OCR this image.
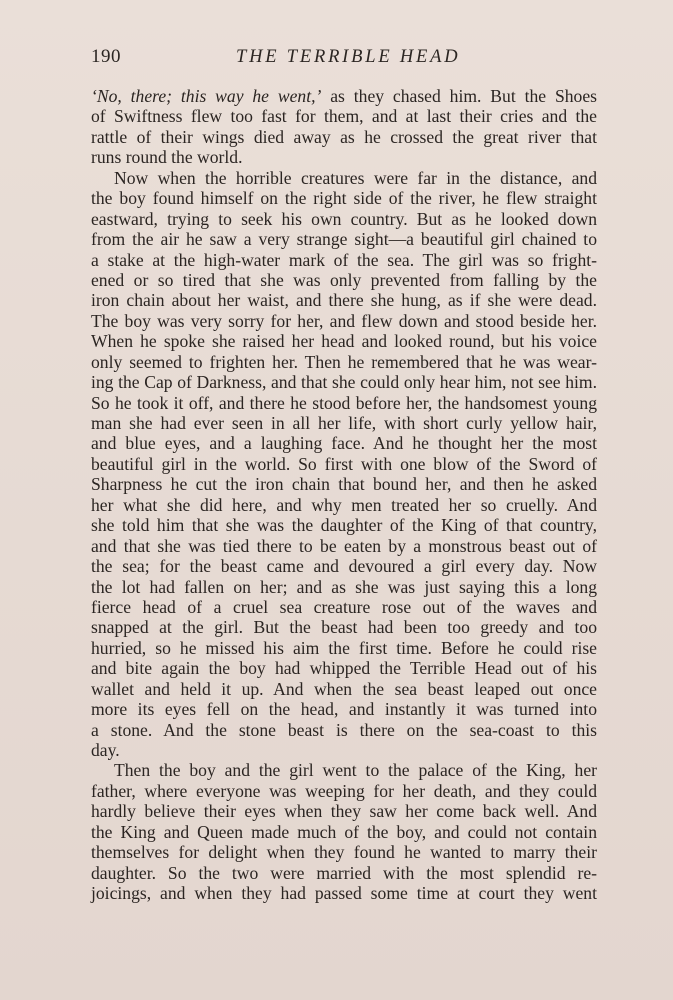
190	THE TERRIBLE HEAD
‘No, there; this way he went,’ as they chased him. But the Shoes
of Swiftness flew too fast for them, and at last their cries and the
rattle of their wings died away as he crossed the great river that
runs round the world.
Now when the horrible creatures were far in the distance, and
the boy found himself on the right side of the river, he flew straight
eastward, trying to seek his own country. But as he looked down
from the air he saw a very strange sight—a beautiful girl chained to
a stake at the high-water mark of the sea. The girl was so fright-
ened or so tired that she was only prevented from falling by the
iron chain about her waist, and there she hung, as if she were dead.
The boy was very sorry for her, and flew down and stood beside her.
When he spoke she raised her head and looked round, but his voice
only seemed to frighten her. Then he remembered that he was wear-
ing the Cap of Darkness, and that she could only hear him, not see him.
So he took it off, and there he stood before her, the handsomest young
man she had ever seen in all her life, with short curly yellow hair,
and blue eyes, and a laughing face. And he thought her the most
beautiful girl in the world. So first with one blow of the Sword of
Sharpness he cut the iron chain that bound her, and then he asked
her what she did here, and why men treated her so cruelly. And
she told him that she was the daughter of the King of that country,
and that she was tied there to be eaten by a monstrous beast out of
the sea; for the beast came and devoured a girl every day. Now
the lot had fallen on her; and as she was just saying this a long
fierce head of a cruel sea creature rose out of the waves and
snapped at the girl. But the beast had been too greedy and too
hurried, so he missed his aim the first time. Before he could rise
and bite again the boy had whipped the Terrible Head out of his
wallet and held it up. And when the sea beast leaped out once
more its eyes fell on the head, and instantly it was turned into
a stone. And the stone beast is there on the sea-coast to this
day.
Then the boy and the girl went to the palace of the King, her
father, where everyone was weeping for her death, and they could
hardly believe their eyes when they saw her come back well. And
the King and Queen made much of the boy, and could not contain
themselves for delight when they found he wanted to marry their
daughter. So the two were married with the most splendid re-
joicings, and when they had passed some time at court they went
